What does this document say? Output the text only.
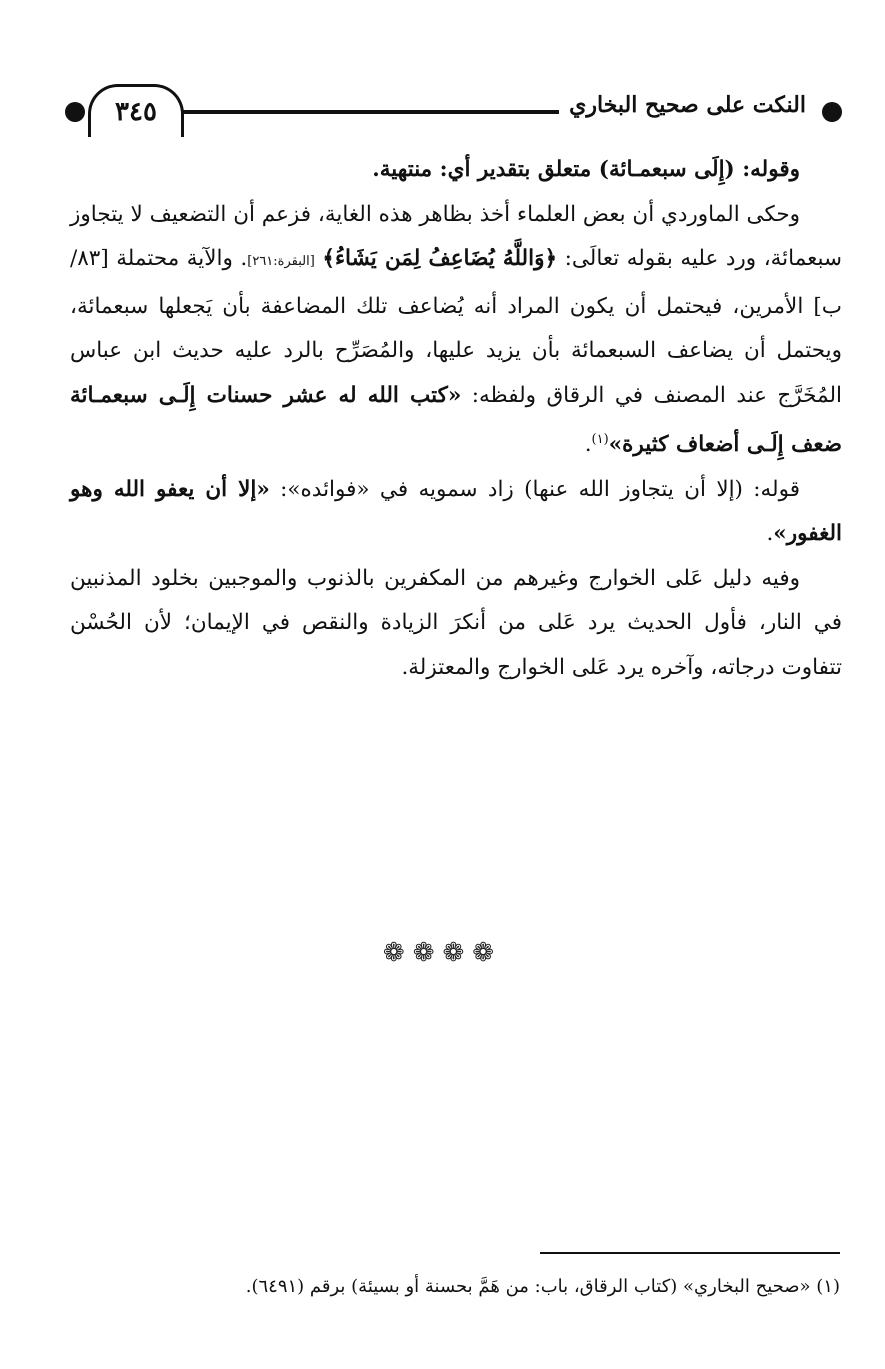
٣٤٥	النكت على صحيح البخاري

وقوله: (إِلَى سبعمـائة) متعلق بتقدير أي: منتهية.

وحكى الماوردي أن بعض العلماء أخذ بظاهر هذه الغاية، فزعم أن التضعيف لا يتجاوز سبعمائة، ورد عليه بقوله تعالَى: ﴿وَاللَّهُ يُضَاعِفُ لِمَن يَشَاءُ﴾ [البقرة:٢٦١]. والآية محتملة [٨٣/ب] الأمرين، فيحتمل أن يكون المراد أنه يُضاعف تلك المضاعفة بأن يَجعلها سبعمائة، ويحتمل أن يضاعف السبعمائة بأن يزيد عليها، والمُصَرِّح بالرد عليه حديث ابن عباس المُخَرَّج عند المصنف في الرقاق ولفظه: «كتب الله له عشر حسنات إِلَـى سبعمـائة ضعف إِلَـى أضعاف كثيرة»$^{(١)}$.

قوله: (إلا أن يتجاوز الله عنها) زاد سمويه في «فوائده»: «إلا أن يعفو الله وهو الغفور».

وفيه دليل عَلى الخوارج وغيرهم من المكفرين بالذنوب والموجبين بخلود المذنبين في النار، فأول الحديث يرد عَلى من أنكرَ الزيادة والنقص في الإيمان؛ لأن الحُسْن تتفاوت درجاته، وآخره يرد عَلى الخوارج والمعتزلة.

❁❁❁❁
(١) «صحيح البخاري» (كتاب الرقاق، باب: من هَمَّ بحسنة أو بسيئة) برقم (٦٤٩١).
